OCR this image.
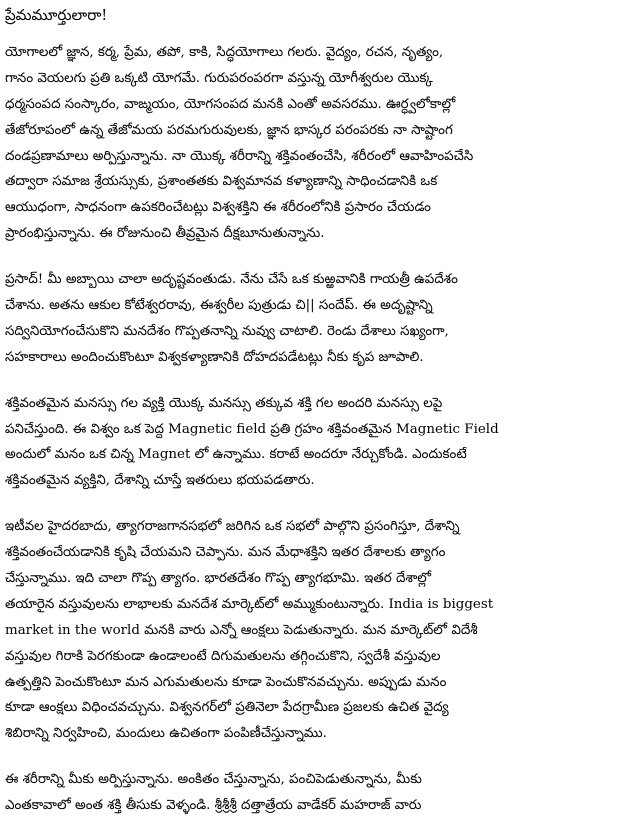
ప్రేమమూర్తులారా!
యోగాలలో జ్ఞాన, కర్మ, ప్రేమ, తపో, కాకి, సిద్ధయోగాలు గలరు. వైద్యం, రచన, నృత్యం,
గానం వెయలగు ప్రతి ఒక్కటి యోగమే. గురుపరంపరగా వస్తున్న యోగీశ్వరుల యొక్క
ధర్మసంపద సంస్కారం, వాఙ్మయం, యోగసంపద మనకి ఎంతో అవసరము. ఊర్ధ్వలోకాల్లో
తేజోరూపంలో ఉన్న తేజోమయ పరమగురువులకు, జ్ఞాన భాస్కర పరంపరకు నా సాష్టాంగ
దండప్రణామాలు అర్పిస్తున్నాను. నా యొక్క శరీరాన్ని శక్తివంతంచేసి, శరీరంలో ఆవాహింపచేసి
తద్వారా సమాజ శ్రేయస్సుకు, ప్రశాంతతకు విశ్వమానవ కళ్యాణాన్ని సాధించడానికి ఒక
ఆయుధంగా, సాధనంగా ఉపకరించేటట్లు విశ్వశక్తిని ఈ శరీరంలోనికి ప్రసారం చేయడం
ప్రారంభిస్తున్నాను. ఈ రోజునుంచి తీవ్రమైన దీక్షబూనుతున్నాను.
ప్రసాద్! మీ అబ్బాయి చాలా అదృష్టవంతుడు. నేను చేసే ఒక కుఱ్ఱవానికి గాయత్రీ ఉపదేశం
చేశాను. అతను ఆకుల కోటేశ్వరరావు, ఈశ్వరీల పుత్రుడు చి|| సందేప్. ఈ అదృష్టాన్ని
సద్వినియోగంచేసుకొని మనదేశం గొప్పతనాన్ని నువ్వు చాటాలి. రెండు దేశాలు సఖ్యంగా,
సహకారాలు అందించుకొంటూ విశ్వకళ్యాణానికి దోహదపడేటట్లు నీకు కృప జూపాలి.
శక్తివంతమైన మనస్సు గల వ్యక్తి యొక్క మనస్సు తక్కువ శక్తి గల అందరి మనస్సు లపై
పనిచేస్తుంది. ఈ విశ్వం ఒక పెద్ద Magnetic field ప్రతి గ్రహం శక్తివంతమైన Magnetic Field
అందులో మనం ఒక చిన్న Magnet లో ఉన్నాము. కరాటే అందరూ నేర్చుకోండి. ఎందుకంటే
శక్తివంతమైన వ్యక్తిని, దేశాన్ని చూస్తే ఇతరులు భయపడతారు.
ఇటీవల హైదరబాదు, త్యాగరాజగానసభలో జరిగిన ఒక సభలో పాల్గొని ప్రసంగిస్తూ, దేశాన్ని
శక్తివంతంచేయడానికి కృషి చేయమని చెప్పాను. మన మేధాశక్తిని ఇతర దేశాలకు త్యాగం
చేస్తున్నాము. ఇది చాలా గొప్ప త్యాగం. భారతదేశం గొప్ప త్యాగభూమి. ఇతర దేశాల్లో
తయారైన వస్తువులను లాభాలకు మనదేశ మార్కెట్‌లో అమ్ముకుంటున్నారు. India is biggest
market in the world మనకి వారు ఎన్నో ఆంక్షలు పెడుతున్నారు. మన మార్కెట్‌లో విదేశీ
వస్తువుల గిరాకి పెరగకుండా ఉండాలంటే దిగుమతులను తగ్గించుకొని, స్వదేశీ వస్తువుల
ఉత్పత్తిని పెంచుకొంటూ మన ఎగుమతులను కూడా పెంచుకొనవచ్చును. అప్పుడు మనం
కూడా ఆంక్షలు విధించవచ్చును. విశ్వనగర్‌లో ప్రతినెలా పేదగ్రామీణ ప్రజలకు ఉచిత వైద్య
శిబిరాన్ని నిర్వహించి, మందులు ఉచితంగా పంపిణీచేస్తున్నాము.
ఈ శరీరాన్ని మీకు అర్పిస్తున్నాను. అంకితం చేస్తున్నాను, పంచిపెడుతున్నాను, మీకు
ఎంతకావాలో అంత శక్తి తీసుకు వెళ్ళండి. శ్రీశ్రీశ్రీ దత్తాత్రేయ వాడేకర్ మహరాజ్ వారు
